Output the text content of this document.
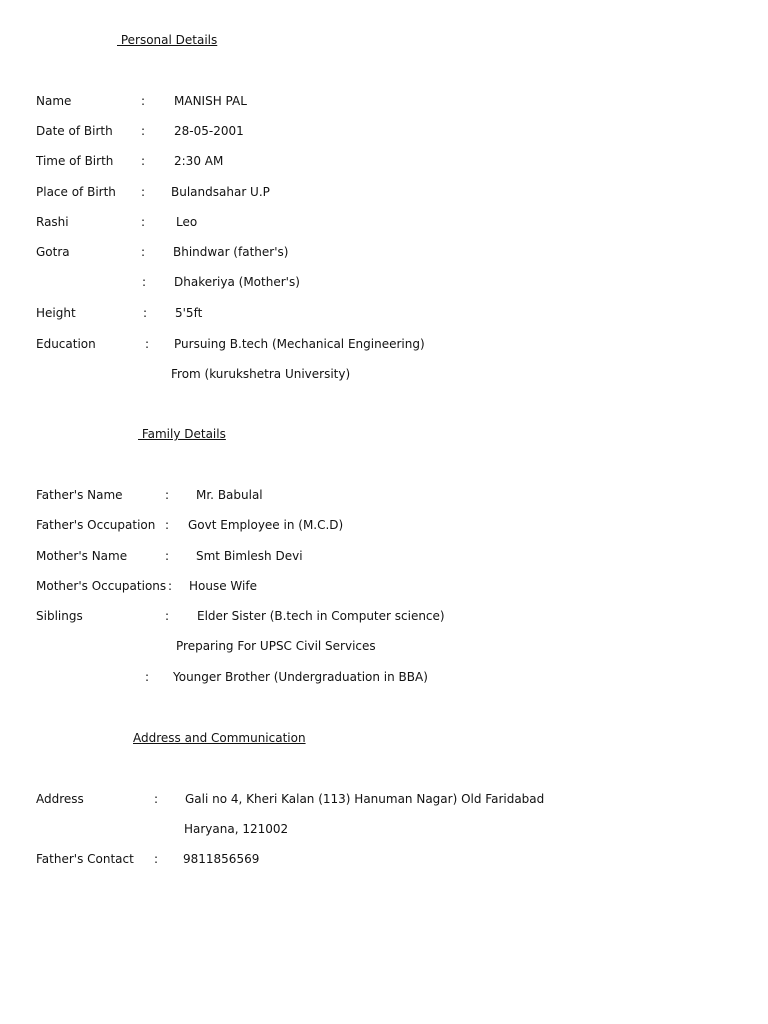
Personal Details
Name	: MANISH PAL
Date of Birth : 28-05-2001
Time of Birth : 2:30 AM
Place of Birth : Bulandsahar U.P
Rashi	:	Leo
Gotra	: Bhindwar (father's)
: Dhakeriya (Mother's)
Height	: 5'5ft
Education	: Pursuing B.tech (Mechanical Engineering)
From (kurukshetra University)
Family Details
Father's Name	: Mr. Babulal
Father's Occupation : Govt Employee in (M.C.D)
Mother's Name	: Smt Bimlesh Devi
Mother's Occupations : House Wife
Siblings	: Elder Sister (B.tech in Computer science)
Preparing For UPSC Civil Services
: Younger Brother (Undergraduation in BBA)
Address and Communication
Address	: Gali no 4, Kheri Kalan (113) Hanuman Nagar) Old Faridabad
Haryana, 121002
Father's Contact : 9811856569
